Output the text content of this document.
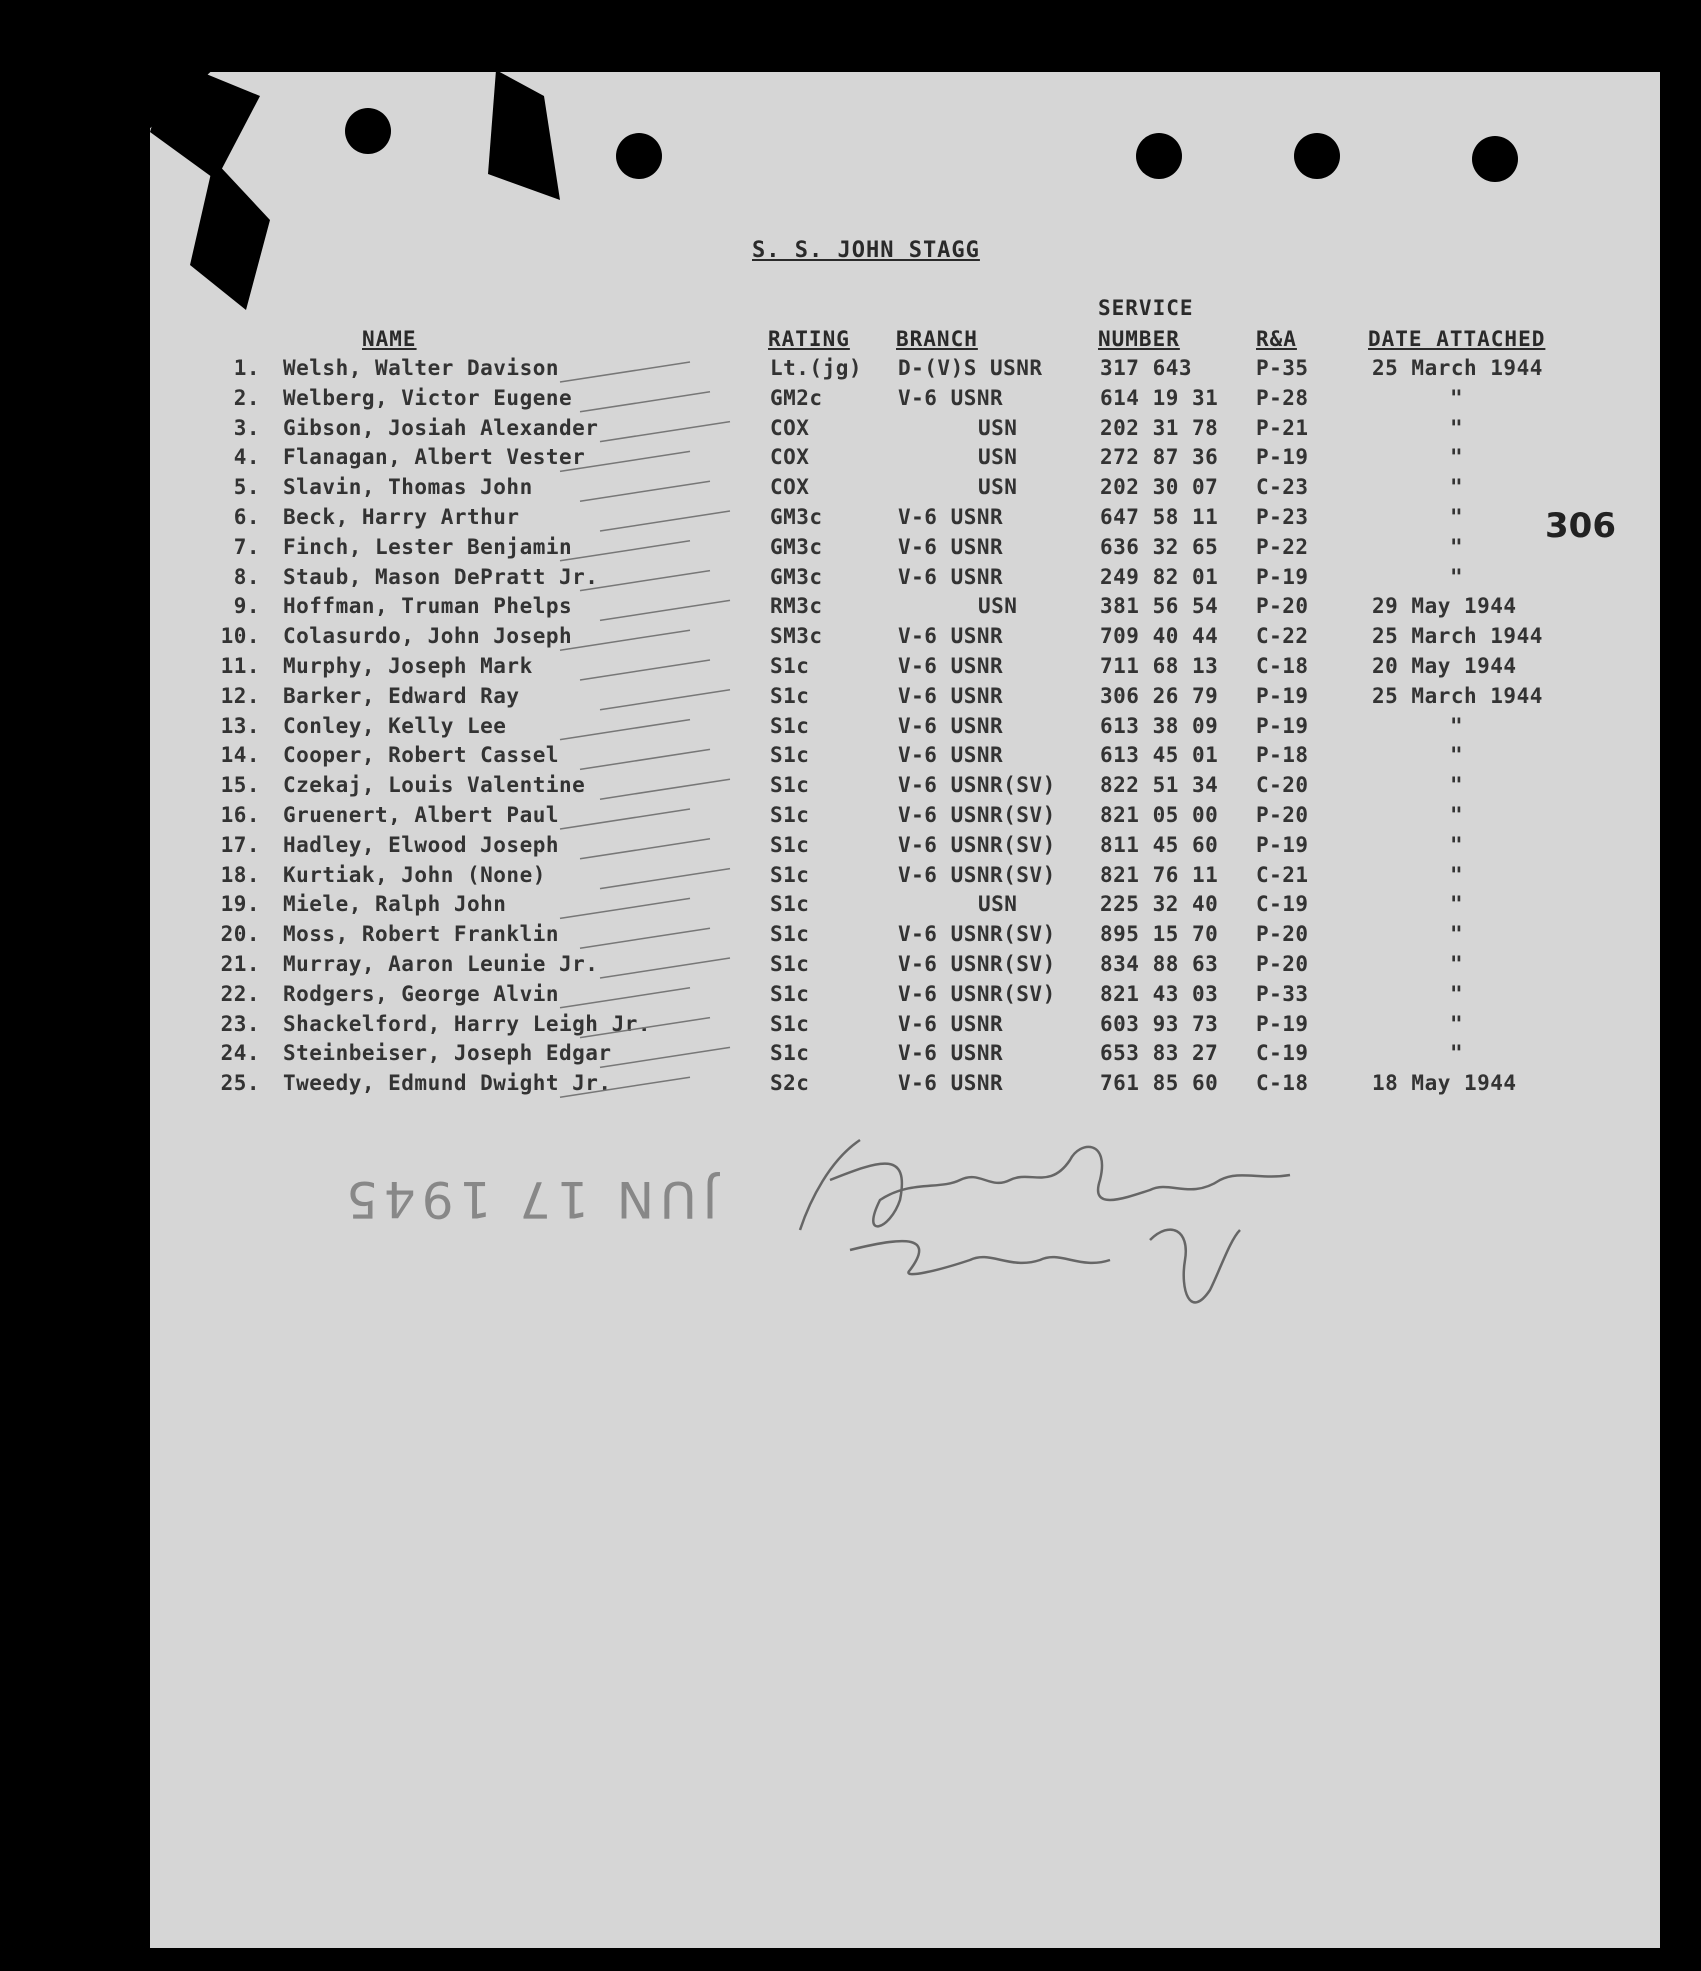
S. S. JOHN STAGG
NAME	RATING BRANCH
SERVICE
NUMBER	R&A	DATE ATTACHED
306
1. Welsh, Walter Davison	Lt.(jg) D-(V)S USNR	317 643	P-35	25 March 1944
2. Welberg, Victor Eugene	GM2c	V-6 USNR	614 19 31 P-28	"
3. Gibson, Josiah Alexander	COX	USN	202 31 78 P-21	"
4. Flanagan, Albert Vester	COX	USN	272 87 36 P-19	"
5. Slavin, Thomas John	COX	USN	202 30 07 C-23	"
6. Beck, Harry Arthur	GM3c	V-6 USNR	647 58 11 P-23	"
7. Finch, Lester Benjamin	GM3c	V-6 USNR	636 32 65 P-22	"
8. Staub, Mason DePratt Jr.	GM3c	V-6 USNR	249 82 01 P-19	"
9. Hoffman, Truman Phelps	RM3c	USN	381 56 54 P-20	29 May 1944
10. Colasurdo, John Joseph	SM3c	V-6 USNR	709 40 44 C-22	25 March 1944
11. Murphy, Joseph Mark	S1c	V-6 USNR	711 68 13 C-18	20 May 1944
12. Barker, Edward Ray	S1c	V-6 USNR	306 26 79 P-19	25 March 1944
13. Conley, Kelly Lee	S1c	V-6 USNR	613 38 09 P-19	"
14. Cooper, Robert Cassel	S1c	V-6 USNR	613 45 01 P-18	"
15. Czekaj, Louis Valentine	S1c	V-6 USNR(SV) 822 51 34 C-20	"
16. Gruenert, Albert Paul	S1c	V-6 USNR(SV) 821 05 00 P-20	"
17. Hadley, Elwood Joseph	S1c	V-6 USNR(SV) 811 45 60 P-19	"
18. Kurtiak, John (None)	S1c	V-6 USNR(SV) 821 76 11 C-21	"
19. Miele, Ralph John	S1c	USN	225 32 40 C-19	"
20. Moss, Robert Franklin	S1c	V-6 USNR(SV) 895 15 70 P-20	"
21. Murray, Aaron Leunie Jr.	S1c	V-6 USNR(SV) 834 88 63 P-20	"
22. Rodgers, George Alvin	S1c	V-6 USNR(SV) 821 43 03 P-33	"
23. Shackelford, Harry Leigh Jr.	S1c	V-6 USNR	603 93 73 P-19	"
24. Steinbeiser, Joseph Edgar	S1c	V-6 USNR	653 83 27 C-19	"
25. Tweedy, Edmund Dwight Jr.	S2c	V-6 USNR	761 85 60 C-18	18 May 1944
JUN 17 1945
